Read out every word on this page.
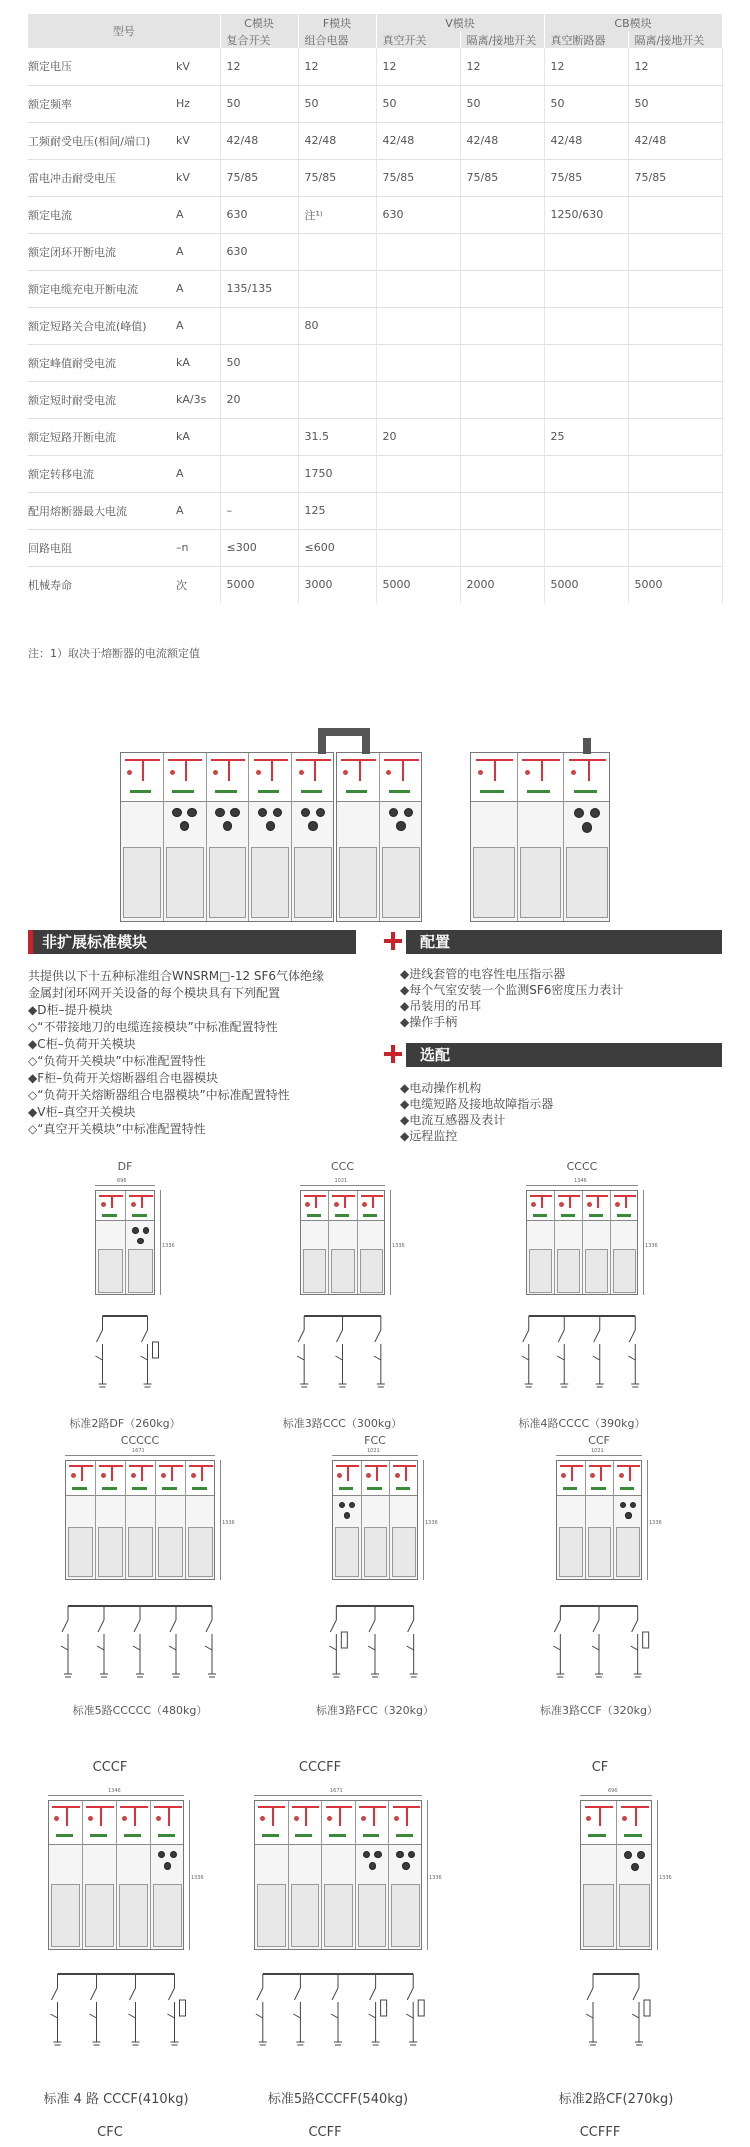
型号		C模块	F模块	V模块		CB模块	
		复合开关	组合电器	真空开关	隔离/接地开关	真空断路器	隔离/接地开关
额定电压	kV	12	12	12	12	12	12
额定频率	Hz	50	50	50	50	50	50
工频耐受电压(相间/端口)	kV	42/48	42/48	42/48	42/48	42/48	42/48
雷电冲击耐受电压	kV	75/85	75/85	75/85	75/85	75/85	75/85
额定电流	A	630	注¹⁾	630		1250/630	
额定闭环开断电流	A	630					
额定电缆充电开断电流	A	135/135					
额定短路关合电流(峰值)	A		80				
额定峰值耐受电流	kA	50					
额定短时耐受电流	kA/3s	20					
额定短路开断电流	kA		31.5	20		25	
额定转移电流	A		1750				
配用熔断器最大电流	A	–	125				
回路电阻	–n	≤300	≤600				
机械寿命	次	5000	3000	5000	2000	5000	5000
注：1）取决于熔断器的电流额定值
非扩展标准模块
共提供以下十五种标准组合WNSRM□-12 SF6气体绝缘
金属封闭环网开关设备的每个模块具有下列配置
◆D柜–提升模块
◇“不带接地刀的电缆连接模块”中标准配置特性
◆C柜–负荷开关模块
◇“负荷开关模块”中标准配置特性
◆F柜–负荷开关熔断器组合电器模块
◇“负荷开关熔断器组合电器模块”中标准配置特性
◆V柜–真空开关模块
◇“真空开关模块”中标准配置特性
配置
◆进线套管的电容性电压指示器
◆每个气室安装一个监测SF6密度压力表计
◆吊装用的吊耳
◆操作手柄
选配
◆电动操作机构
◆电缆短路及接地故障指示器
◆电流互感器及表计
◆远程监控
DF
696
1336
标准2路DF（260kg）
CCC
1021
1336
标准3路CCC（300kg）
CCCC
1346
1336
标准4路CCCC（390kg）
CCCCC
1671
1336
标准5路CCCCC（480kg）
FCC
1021
1336
标准3路FCC（320kg）
CCF
1021
1336
标准3路CCF（320kg）
CCCF
1346
1336
标准 4 路 CCCF(410kg)
CCCFF
1671
1336
标准5路CCCFF(540kg)
CF
696
1336
标准2路CF(270kg)
CFC	CCFF	CCFFF
